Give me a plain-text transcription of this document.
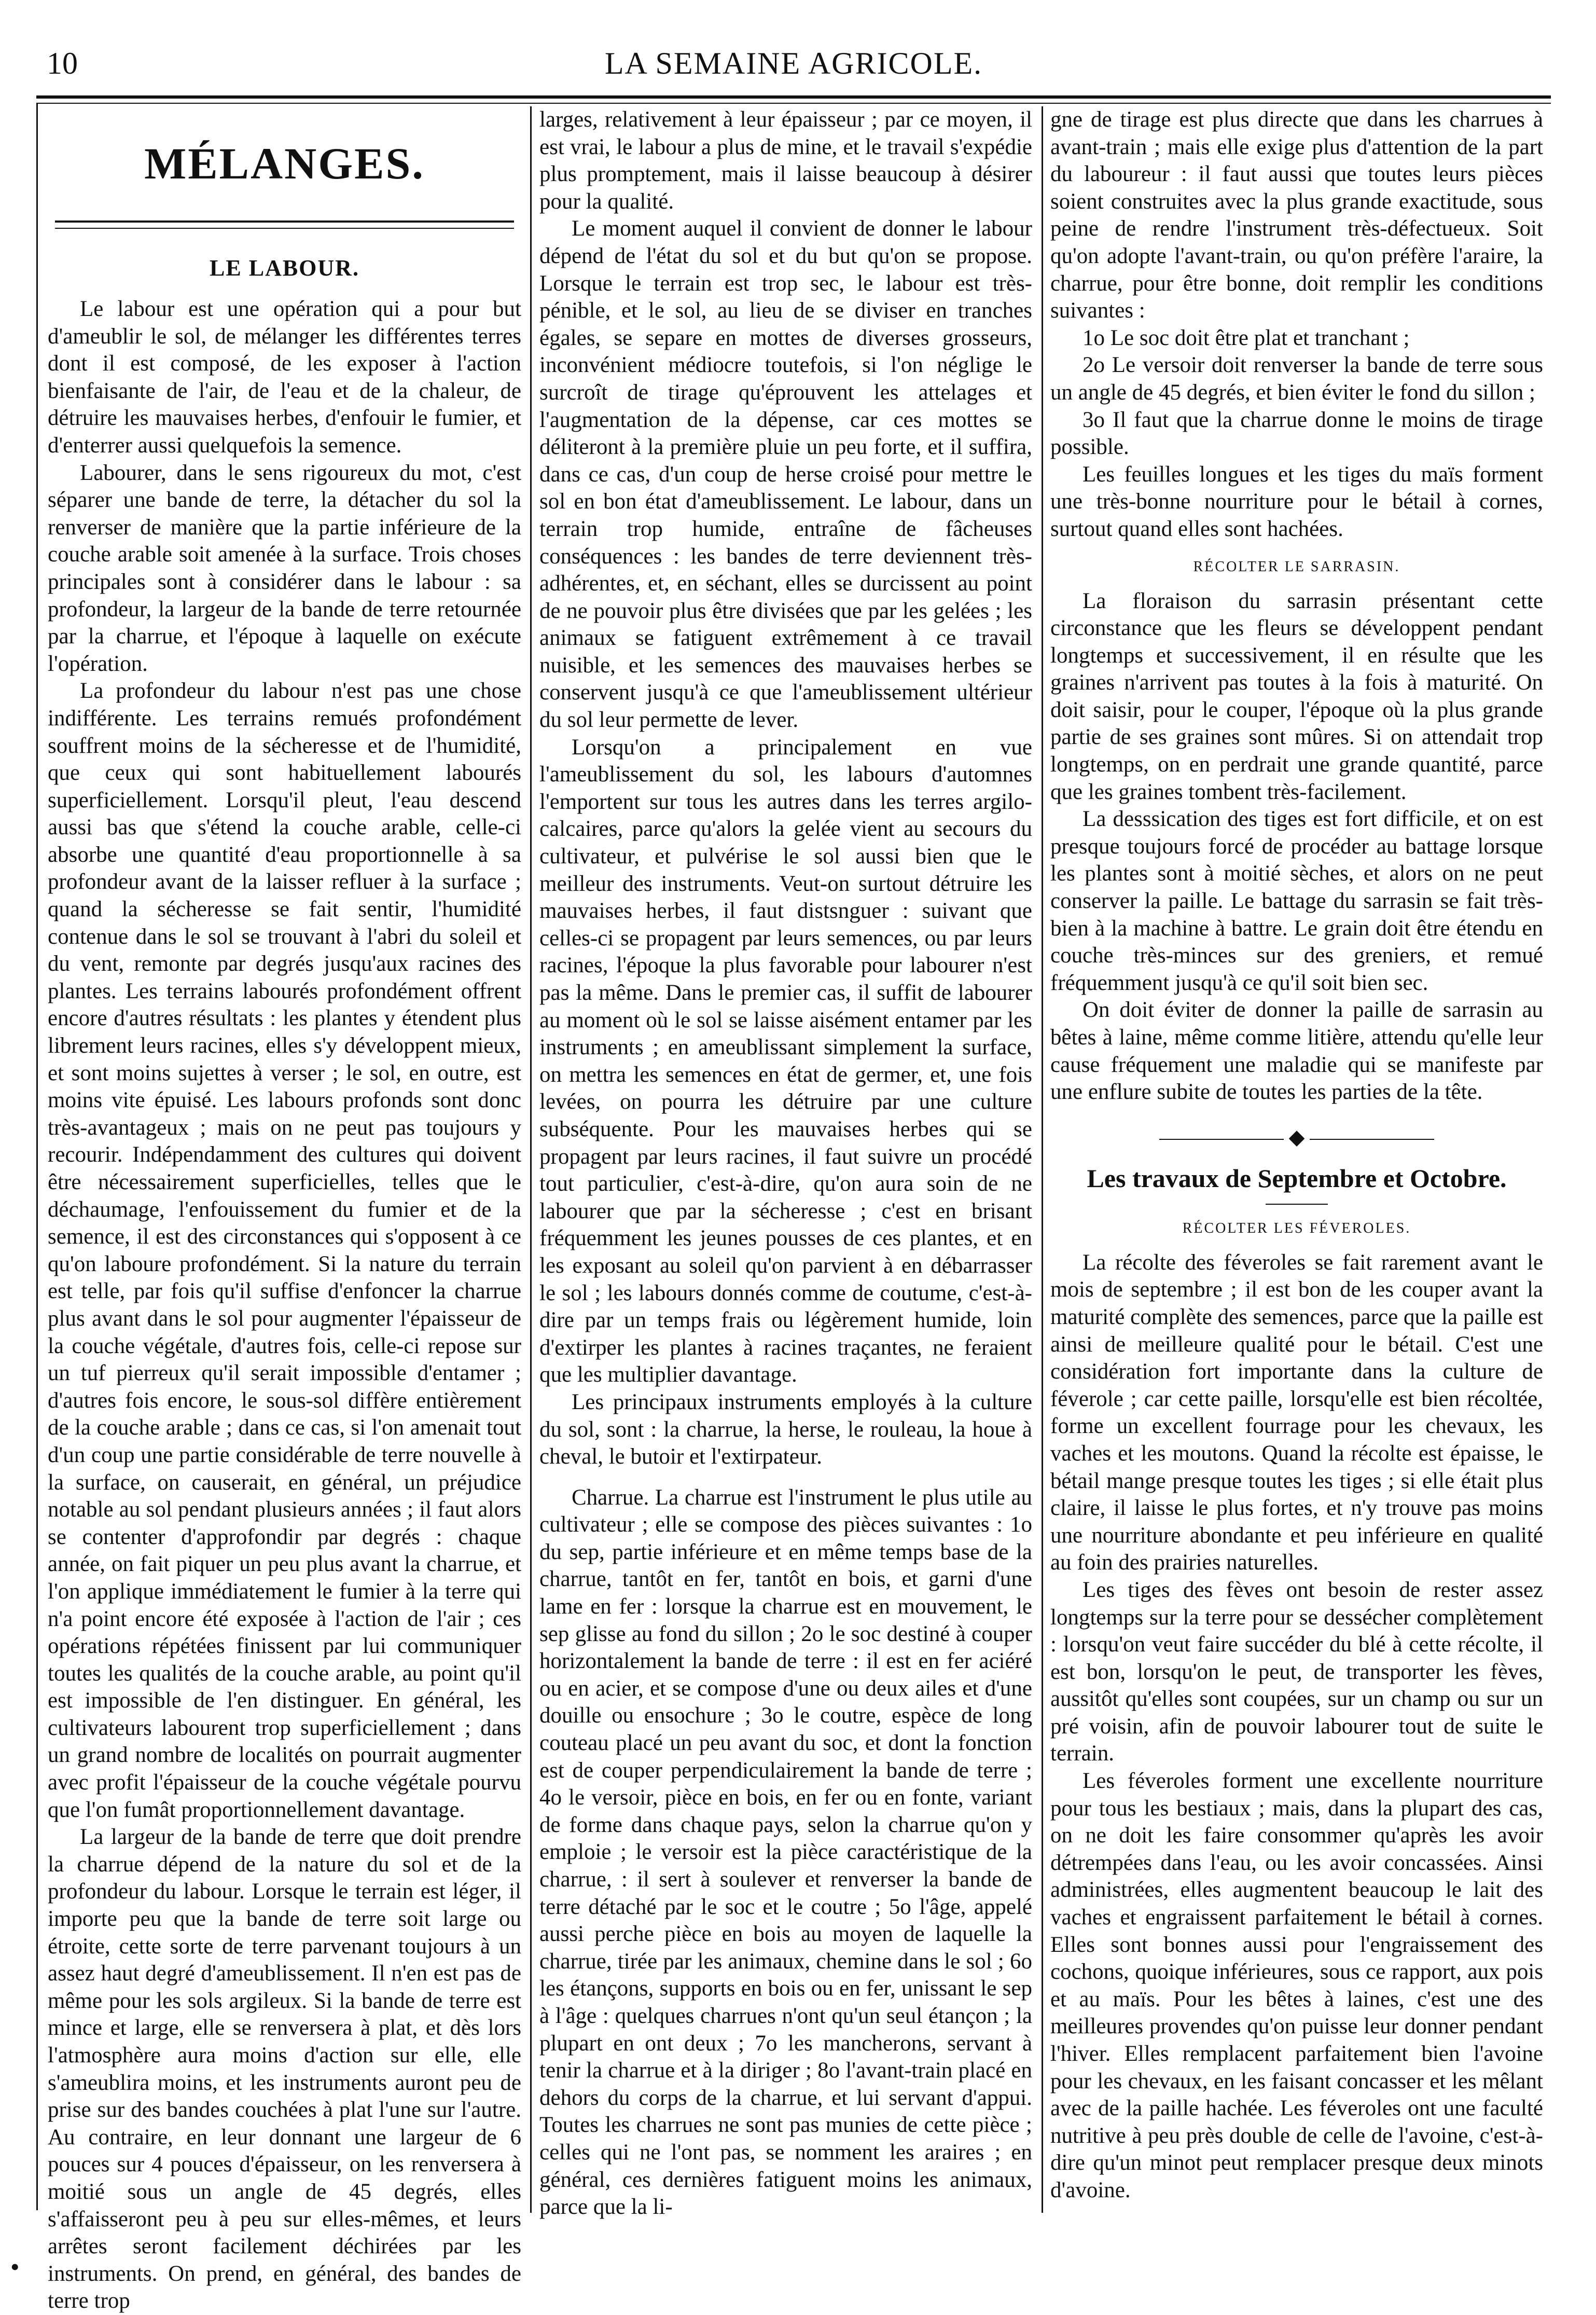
10	LA SEMAINE AGRICOLE.
MÉLANGES.
LE LABOUR.

Le labour est une opération qui a pour but d'ameublir le sol, de mélanger les différentes terres dont il est composé, de les exposer à l'action bienfaisante de l'air, de l'eau et de la chaleur, de détruire les mauvaises herbes, d'enfouir le fumier, et d'enterrer aussi quelquefois la semence.

Labourer, dans le sens rigoureux du mot, c'est séparer une bande de terre, la détacher du sol la renverser de manière que la partie inférieure de la couche arable soit amenée à la surface. Trois choses principales sont à considérer dans le labour : sa profondeur, la largeur de la bande de terre retournée par la charrue, et l'époque à laquelle on exécute l'opération.

La profondeur du labour n'est pas une chose indifférente. Les terrains remués profondément souffrent moins de la sécheresse et de l'humidité, que ceux qui sont habituellement labourés superficiellement. Lorsqu'il pleut, l'eau descend aussi bas que s'étend la couche arable, celle-ci absorbe une quantité d'eau proportionnelle à sa profondeur avant de la laisser refluer à la surface ; quand la sécheresse se fait sentir, l'humidité contenue dans le sol se trouvant à l'abri du soleil et du vent, remonte par degrés jusqu'aux racines des plantes. Les terrains labourés profondément offrent encore d'autres résultats : les plantes y étendent plus librement leurs racines, elles s'y développent mieux, et sont moins sujettes à verser ; le sol, en outre, est moins vite épuisé. Les labours profonds sont donc très-avantageux ; mais on ne peut pas toujours y recourir. Indépendamment des cultures qui doivent être nécessairement superficielles, telles que le déchaumage, l'enfouissement du fumier et de la semence, il est des circonstances qui s'opposent à ce qu'on laboure profondément. Si la nature du terrain est telle, par fois qu'il suffise d'enfoncer la charrue plus avant dans le sol pour augmenter l'épaisseur de la couche végétale, d'autres fois, celle-ci repose sur un tuf pierreux qu'il serait impossible d'entamer ; d'autres fois encore, le sous-sol diffère entièrement de la couche arable ; dans ce cas, si l'on amenait tout d'un coup une partie considérable de terre nouvelle à la surface, on causerait, en général, un préjudice notable au sol pendant plusieurs années ; il faut alors se contenter d'approfondir par degrés : chaque année, on fait piquer un peu plus avant la charrue, et l'on applique immédiatement le fumier à la terre qui n'a point encore été exposée à l'action de l'air ; ces opérations répétées finissent par lui communiquer toutes les qualités de la couche arable, au point qu'il est impossible de l'en distinguer. En général, les cultivateurs labourent trop superficiellement ; dans un grand nombre de localités on pourrait augmenter avec profit l'épaisseur de la couche végétale pourvu que l'on fumât proportionnellement davantage.

La largeur de la bande de terre que doit prendre la charrue dépend de la nature du sol et de la profondeur du labour. Lorsque le terrain est léger, il importe peu que la bande de terre soit large ou étroite, cette sorte de terre parvenant toujours à un assez haut degré d'ameublissement. Il n'en est pas de même pour les sols argileux. Si la bande de terre est mince et large, elle se renversera à plat, et dès lors l'atmosphère aura moins d'action sur elle, elle s'ameublira moins, et les instruments auront peu de prise sur des bandes couchées à plat l'une sur l'autre. Au contraire, en leur donnant une largeur de 6 pouces sur 4 pouces d'épaisseur, on les renversera à moitié sous un angle de 45 degrés, elles s'affaisseront peu à peu sur elles-mêmes, et leurs arrêtes seront facilement déchirées par les instruments. On prend, en général, des bandes de terre trop

larges, relativement à leur épaisseur ; par ce moyen, il est vrai, le labour a plus de mine, et le travail s'expédie plus promptement, mais il laisse beaucoup à désirer pour la qualité.

Le moment auquel il convient de donner le labour dépend de l'état du sol et du but qu'on se propose. Lorsque le terrain est trop sec, le labour est très-pénible, et le sol, au lieu de se diviser en tranches égales, se separe en mottes de diverses grosseurs, inconvénient médiocre toutefois, si l'on néglige le surcroît de tirage qu'éprouvent les attelages et l'augmentation de la dépense, car ces mottes se déliteront à la première pluie un peu forte, et il suffira, dans ce cas, d'un coup de herse croisé pour mettre le sol en bon état d'ameublissement. Le labour, dans un terrain trop humide, entraîne de fâcheuses conséquences : les bandes de terre deviennent très-adhérentes, et, en séchant, elles se durcissent au point de ne pouvoir plus être divisées que par les gelées ; les animaux se fatiguent extrêmement à ce travail nuisible, et les semences des mauvaises herbes se conservent jusqu'à ce que l'ameublissement ultérieur du sol leur permette de lever.

Lorsqu'on a principalement en vue l'ameublissement du sol, les labours d'automnes l'emportent sur tous les autres dans les terres argilo-calcaires, parce qu'alors la gelée vient au secours du cultivateur, et pulvérise le sol aussi bien que le meilleur des instruments. Veut-on surtout détruire les mauvaises herbes, il faut distsnguer : suivant que celles-ci se propagent par leurs semences, ou par leurs racines, l'époque la plus favorable pour labourer n'est pas la même. Dans le premier cas, il suffit de labourer au moment où le sol se laisse aisément entamer par les instruments ; en ameublissant simplement la surface, on mettra les semences en état de germer, et, une fois levées, on pourra les détruire par une culture subséquente. Pour les mauvaises herbes qui se propagent par leurs racines, il faut suivre un procédé tout particulier, c'est-à-dire, qu'on aura soin de ne labourer que par la sécheresse ; c'est en brisant fréquemment les jeunes pousses de ces plantes, et en les exposant au soleil qu'on parvient à en débarrasser le sol ; les labours donnés comme de coutume, c'est-à-dire par un temps frais ou légèrement humide, loin d'extirper les plantes à racines traçantes, ne feraient que les multiplier davantage.

Les principaux instruments employés à la culture du sol, sont : la charrue, la herse, le rouleau, la houe à cheval, le butoir et l'extirpateur.

Charrue. La charrue est l'instrument le plus utile au cultivateur ; elle se compose des pièces suivantes : 1o du sep, partie inférieure et en même temps base de la charrue, tantôt en fer, tantôt en bois, et garni d'une lame en fer : lorsque la charrue est en mouvement, le sep glisse au fond du sillon ; 2o le soc destiné à couper horizontalement la bande de terre : il est en fer aciéré ou en acier, et se compose d'une ou deux ailes et d'une douille ou ensochure ; 3o le coutre, espèce de long couteau placé un peu avant du soc, et dont la fonction est de couper perpendiculairement la bande de terre ; 4o le versoir, pièce en bois, en fer ou en fonte, variant de forme dans chaque pays, selon la charrue qu'on y emploie ; le versoir est la pièce caractéristique de la charrue, : il sert à soulever et renverser la bande de terre détaché par le soc et le coutre ; 5o l'âge, appelé aussi perche pièce en bois au moyen de laquelle la charrue, tirée par les animaux, chemine dans le sol ; 6o les étançons, supports en bois ou en fer, unissant le sep à l'âge : quelques charrues n'ont qu'un seul étançon ; la plupart en ont deux ; 7o les mancherons, servant à tenir la charrue et à la diriger ; 8o l'avant-train placé en dehors du corps de la charrue, et lui servant d'appui. Toutes les charrues ne sont pas munies de cette pièce ; celles qui ne l'ont pas, se nomment les araires ; en général, ces dernières fatiguent moins les animaux, parce que la li-

gne de tirage est plus directe que dans les charrues à avant-train ; mais elle exige plus d'attention de la part du laboureur : il faut aussi que toutes leurs pièces soient construites avec la plus grande exactitude, sous peine de rendre l'instrument très-défectueux. Soit qu'on adopte l'avant-train, ou qu'on préfère l'araire, la charrue, pour être bonne, doit remplir les conditions suivantes :

1o Le soc doit être plat et tranchant ;

2o Le versoir doit renverser la bande de terre sous un angle de 45 degrés, et bien éviter le fond du sillon ;

3o Il faut que la charrue donne le moins de tirage possible.

Les feuilles longues et les tiges du maïs forment une très-bonne nourriture pour le bétail à cornes, surtout quand elles sont hachées.

RÉCOLTER LE SARRASIN.

La floraison du sarrasin présentant cette circonstance que les fleurs se développent pendant longtemps et successivement, il en résulte que les graines n'arrivent pas toutes à la fois à maturité. On doit saisir, pour le couper, l'époque où la plus grande partie de ses graines sont mûres. Si on attendait trop longtemps, on en perdrait une grande quantité, parce que les graines tombent très-facilement.

La desssication des tiges est fort difficile, et on est presque toujours forcé de procéder au battage lorsque les plantes sont à moitié sèches, et alors on ne peut conserver la paille. Le battage du sarrasin se fait très-bien à la machine à battre. Le grain doit être étendu en couche très-minces sur des greniers, et remué fréquemment jusqu'à ce qu'il soit bien sec.

On doit éviter de donner la paille de sarrasin au bêtes à laine, même comme litière, attendu qu'elle leur cause fréquement une maladie qui se manifeste par une enflure subite de toutes les parties de la tête.

◆
Les travaux de Septembre et Octobre.
RÉCOLTER LES FÉVEROLES.

La récolte des féveroles se fait rarement avant le mois de septembre ; il est bon de les couper avant la maturité complète des semences, parce que la paille est ainsi de meilleure qualité pour le bétail. C'est une considération fort importante dans la culture de féverole ; car cette paille, lorsqu'elle est bien récoltée, forme un excellent fourrage pour les chevaux, les vaches et les moutons. Quand la récolte est épaisse, le bétail mange presque toutes les tiges ; si elle était plus claire, il laisse le plus fortes, et n'y trouve pas moins une nourriture abondante et peu inférieure en qualité au foin des prairies naturelles.

Les tiges des fèves ont besoin de rester assez longtemps sur la terre pour se dessécher complètement : lorsqu'on veut faire succéder du blé à cette récolte, il est bon, lorsqu'on le peut, de transporter les fèves, aussitôt qu'elles sont coupées, sur un champ ou sur un pré voisin, afin de pouvoir labourer tout de suite le terrain.

Les féveroles forment une excellente nourriture pour tous les bestiaux ; mais, dans la plupart des cas, on ne doit les faire consommer qu'après les avoir détrempées dans l'eau, ou les avoir concassées. Ainsi administrées, elles augmentent beaucoup le lait des vaches et engraissent parfaitement le bétail à cornes. Elles sont bonnes aussi pour l'engraissement des cochons, quoique inférieures, sous ce rapport, aux pois et au maïs. Pour les bêtes à laines, c'est une des meilleures provendes qu'on puisse leur donner pendant l'hiver. Elles remplacent parfaitement bien l'avoine pour les chevaux, en les faisant concasser et les mêlant avec de la paille hachée. Les féveroles ont une faculté nutritive à peu près double de celle de l'avoine, c'est-à-dire qu'un minot peut remplacer presque deux minots d'avoine.

•
